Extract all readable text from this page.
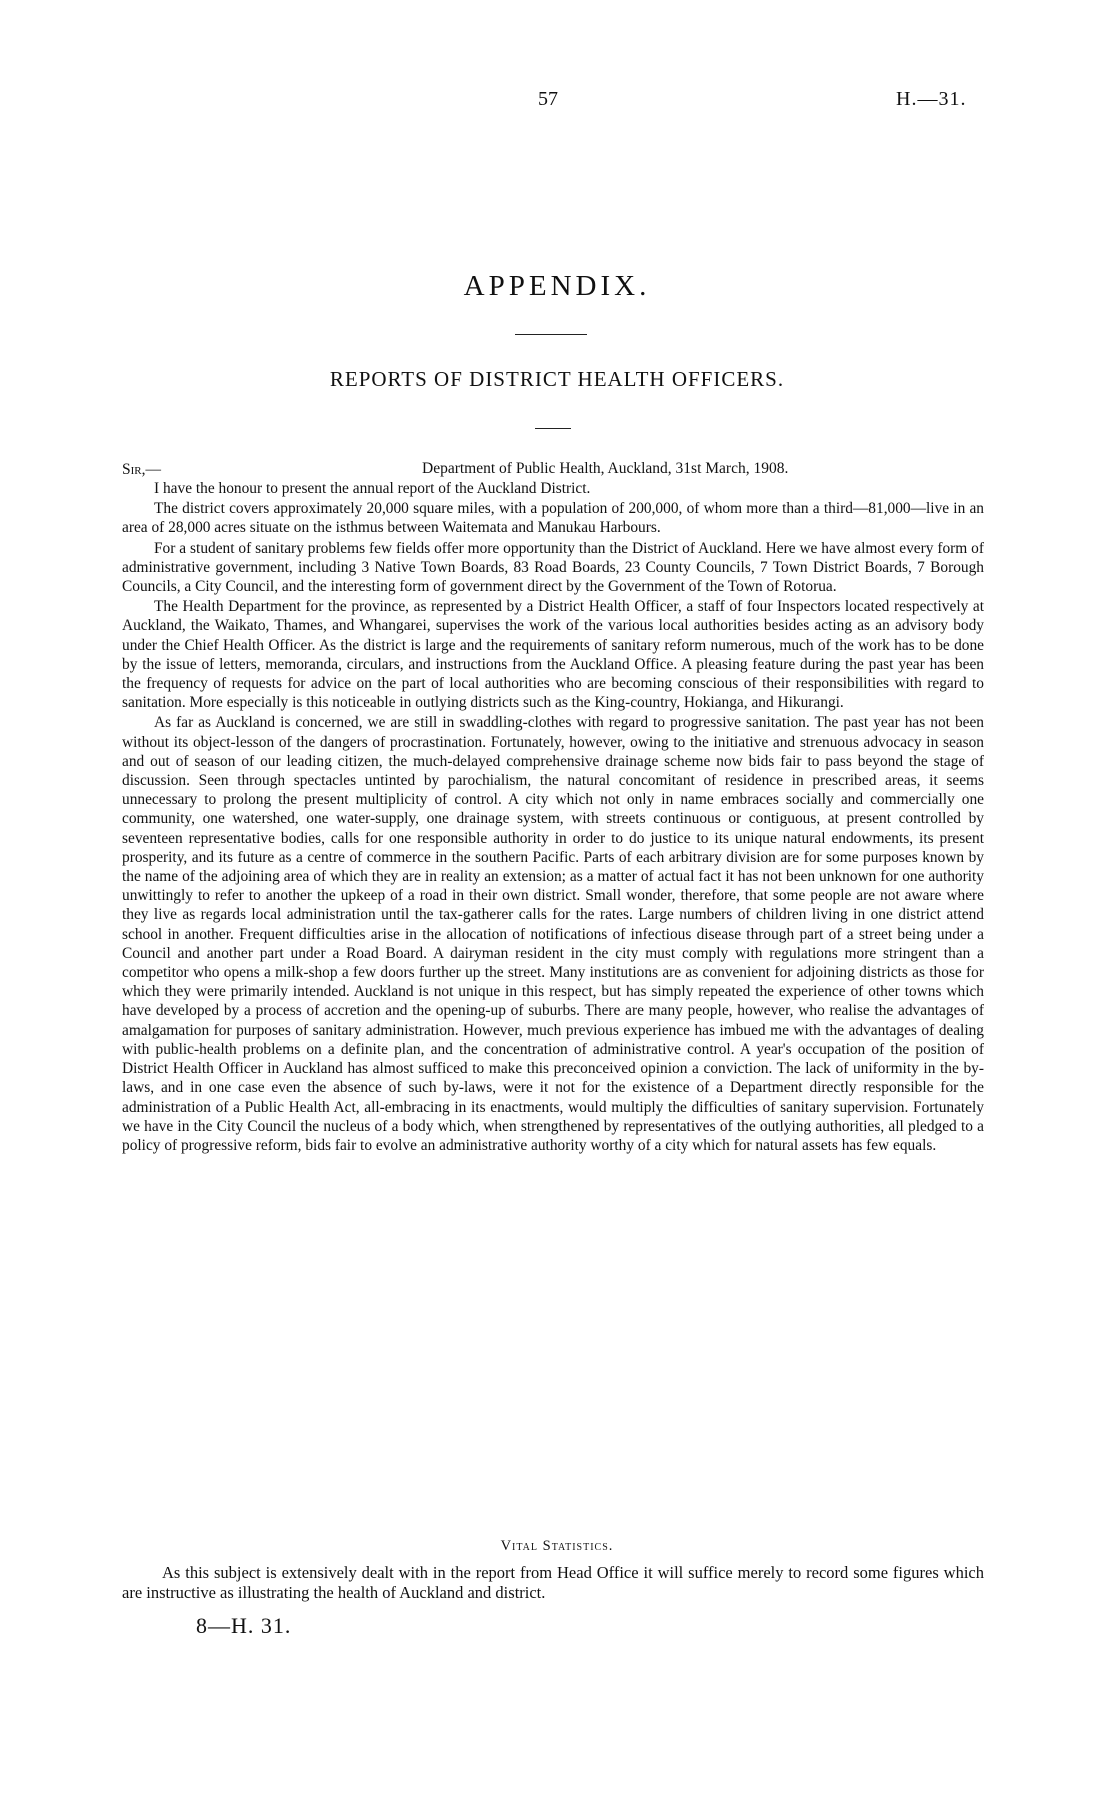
57	H.—31.
APPENDIX.
REPORTS OF DISTRICT HEALTH OFFICERS.
Sir,—	Department of Public Health, Auckland, 31st March, 1908.

I have the honour to present the annual report of the Auckland District.

The district covers approximately 20,000 square miles, with a population of 200,000, of whom more than a third—81,000—live in an area of 28,000 acres situate on the isthmus between Waitemata and Manukau Harbours.

For a student of sanitary problems few fields offer more opportunity than the District of Auckland. Here we have almost every form of administrative government, including 3 Native Town Boards, 83 Road Boards, 23 County Councils, 7 Town District Boards, 7 Borough Councils, a City Council, and the interesting form of government direct by the Government of the Town of Rotorua.

The Health Department for the province, as represented by a District Health Officer, a staff of four Inspectors located respectively at Auckland, the Waikato, Thames, and Whangarei, supervises the work of the various local authorities besides acting as an advisory body under the Chief Health Officer. As the district is large and the requirements of sanitary reform numerous, much of the work has to be done by the issue of letters, memoranda, circulars, and instructions from the Auckland Office. A pleasing feature during the past year has been the frequency of requests for advice on the part of local authorities who are becoming conscious of their responsibilities with regard to sanitation. More especially is this noticeable in outlying districts such as the King-country, Hokianga, and Hikurangi.

As far as Auckland is concerned, we are still in swaddling-clothes with regard to progressive sanitation. The past year has not been without its object-lesson of the dangers of procrastination. Fortunately, however, owing to the initiative and strenuous advocacy in season and out of season of our leading citizen, the much-delayed comprehensive drainage scheme now bids fair to pass beyond the stage of discussion. Seen through spectacles untinted by parochialism, the natural concomitant of residence in prescribed areas, it seems unnecessary to prolong the present multiplicity of control. A city which not only in name embraces socially and commercially one community, one watershed, one water-supply, one drainage system, with streets continuous or contiguous, at present controlled by seventeen representative bodies, calls for one responsible authority in order to do justice to its unique natural endowments, its present prosperity, and its future as a centre of commerce in the southern Pacific. Parts of each arbitrary division are for some purposes known by the name of the adjoining area of which they are in reality an extension; as a matter of actual fact it has not been unknown for one authority unwittingly to refer to another the upkeep of a road in their own district. Small wonder, therefore, that some people are not aware where they live as regards local administration until the tax-gatherer calls for the rates. Large numbers of children living in one district attend school in another. Frequent difficulties arise in the allocation of notifications of infectious disease through part of a street being under a Council and another part under a Road Board. A dairyman resident in the city must comply with regulations more stringent than a competitor who opens a milk-shop a few doors further up the street. Many institutions are as convenient for adjoining districts as those for which they were primarily intended. Auckland is not unique in this respect, but has simply repeated the experience of other towns which have developed by a process of accretion and the opening-up of suburbs. There are many people, however, who realise the advantages of amalgamation for purposes of sanitary administration. However, much previous experience has imbued me with the advantages of dealing with public-health problems on a definite plan, and the concentration of administrative control. A year's occupation of the position of District Health Officer in Auckland has almost sufficed to make this preconceived opinion a conviction. The lack of uniformity in the by-laws, and in one case even the absence of such by-laws, were it not for the existence of a Department directly responsible for the administration of a Public Health Act, all-embracing in its enactments, would multiply the difficulties of sanitary supervision. Fortunately we have in the City Council the nucleus of a body which, when strengthened by representatives of the outlying authorities, all pledged to a policy of progressive reform, bids fair to evolve an administrative authority worthy of a city which for natural assets has few equals.

Vital Statistics.

As this subject is extensively dealt with in the report from Head Office it will suffice merely to record some figures which are instructive as illustrating the health of Auckland and district.

8—H. 31.
